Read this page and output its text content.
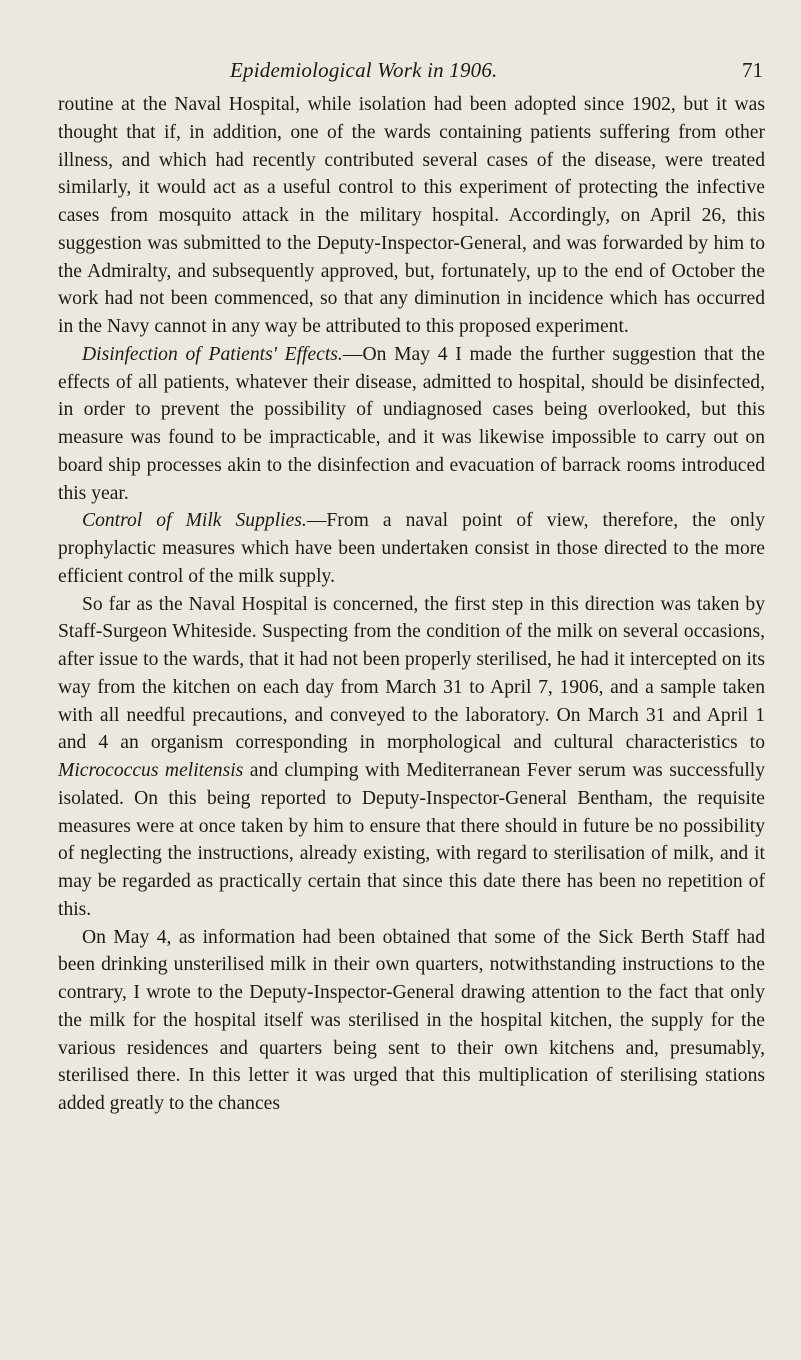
Epidemiological Work in 1906.	71

routine at the Naval Hospital, while isolation had been adopted since 1902, but it was thought that if, in addition, one of the wards containing patients suffering from other illness, and which had recently contributed several cases of the disease, were treated similarly, it would act as a useful control to this experiment of protecting the infective cases from mosquito attack in the military hospital. Accordingly, on April 26, this suggestion was submitted to the Deputy-Inspector-General, and was forwarded by him to the Admiralty, and subsequently approved, but, fortunately, up to the end of October the work had not been commenced, so that any diminution in incidence which has occurred in the Navy cannot in any way be attributed to this proposed experiment.

Disinfection of Patients' Effects.—On May 4 I made the further suggestion that the effects of all patients, whatever their disease, admitted to hospital, should be disinfected, in order to prevent the possibility of undiagnosed cases being overlooked, but this measure was found to be impracticable, and it was likewise impossible to carry out on board ship processes akin to the disinfection and evacuation of barrack rooms introduced this year.

Control of Milk Supplies.—From a naval point of view, therefore, the only prophylactic measures which have been undertaken consist in those directed to the more efficient control of the milk supply.

So far as the Naval Hospital is concerned, the first step in this direction was taken by Staff-Surgeon Whiteside. Suspecting from the condition of the milk on several occasions, after issue to the wards, that it had not been properly sterilised, he had it intercepted on its way from the kitchen on each day from March 31 to April 7, 1906, and a sample taken with all needful precautions, and conveyed to the laboratory. On March 31 and April 1 and 4 an organism corresponding in morphological and cultural characteristics to Micrococcus melitensis and clumping with Mediterranean Fever serum was successfully isolated. On this being reported to Deputy-Inspector-General Bentham, the requisite measures were at once taken by him to ensure that there should in future be no possibility of neglecting the instructions, already existing, with regard to sterilisation of milk, and it may be regarded as practically certain that since this date there has been no repetition of this.

On May 4, as information had been obtained that some of the Sick Berth Staff had been drinking unsterilised milk in their own quarters, notwithstanding instructions to the contrary, I wrote to the Deputy-Inspector-General drawing attention to the fact that only the milk for the hospital itself was sterilised in the hospital kitchen, the supply for the various residences and quarters being sent to their own kitchens and, presumably, sterilised there. In this letter it was urged that this multiplication of sterilising stations added greatly to the chances
